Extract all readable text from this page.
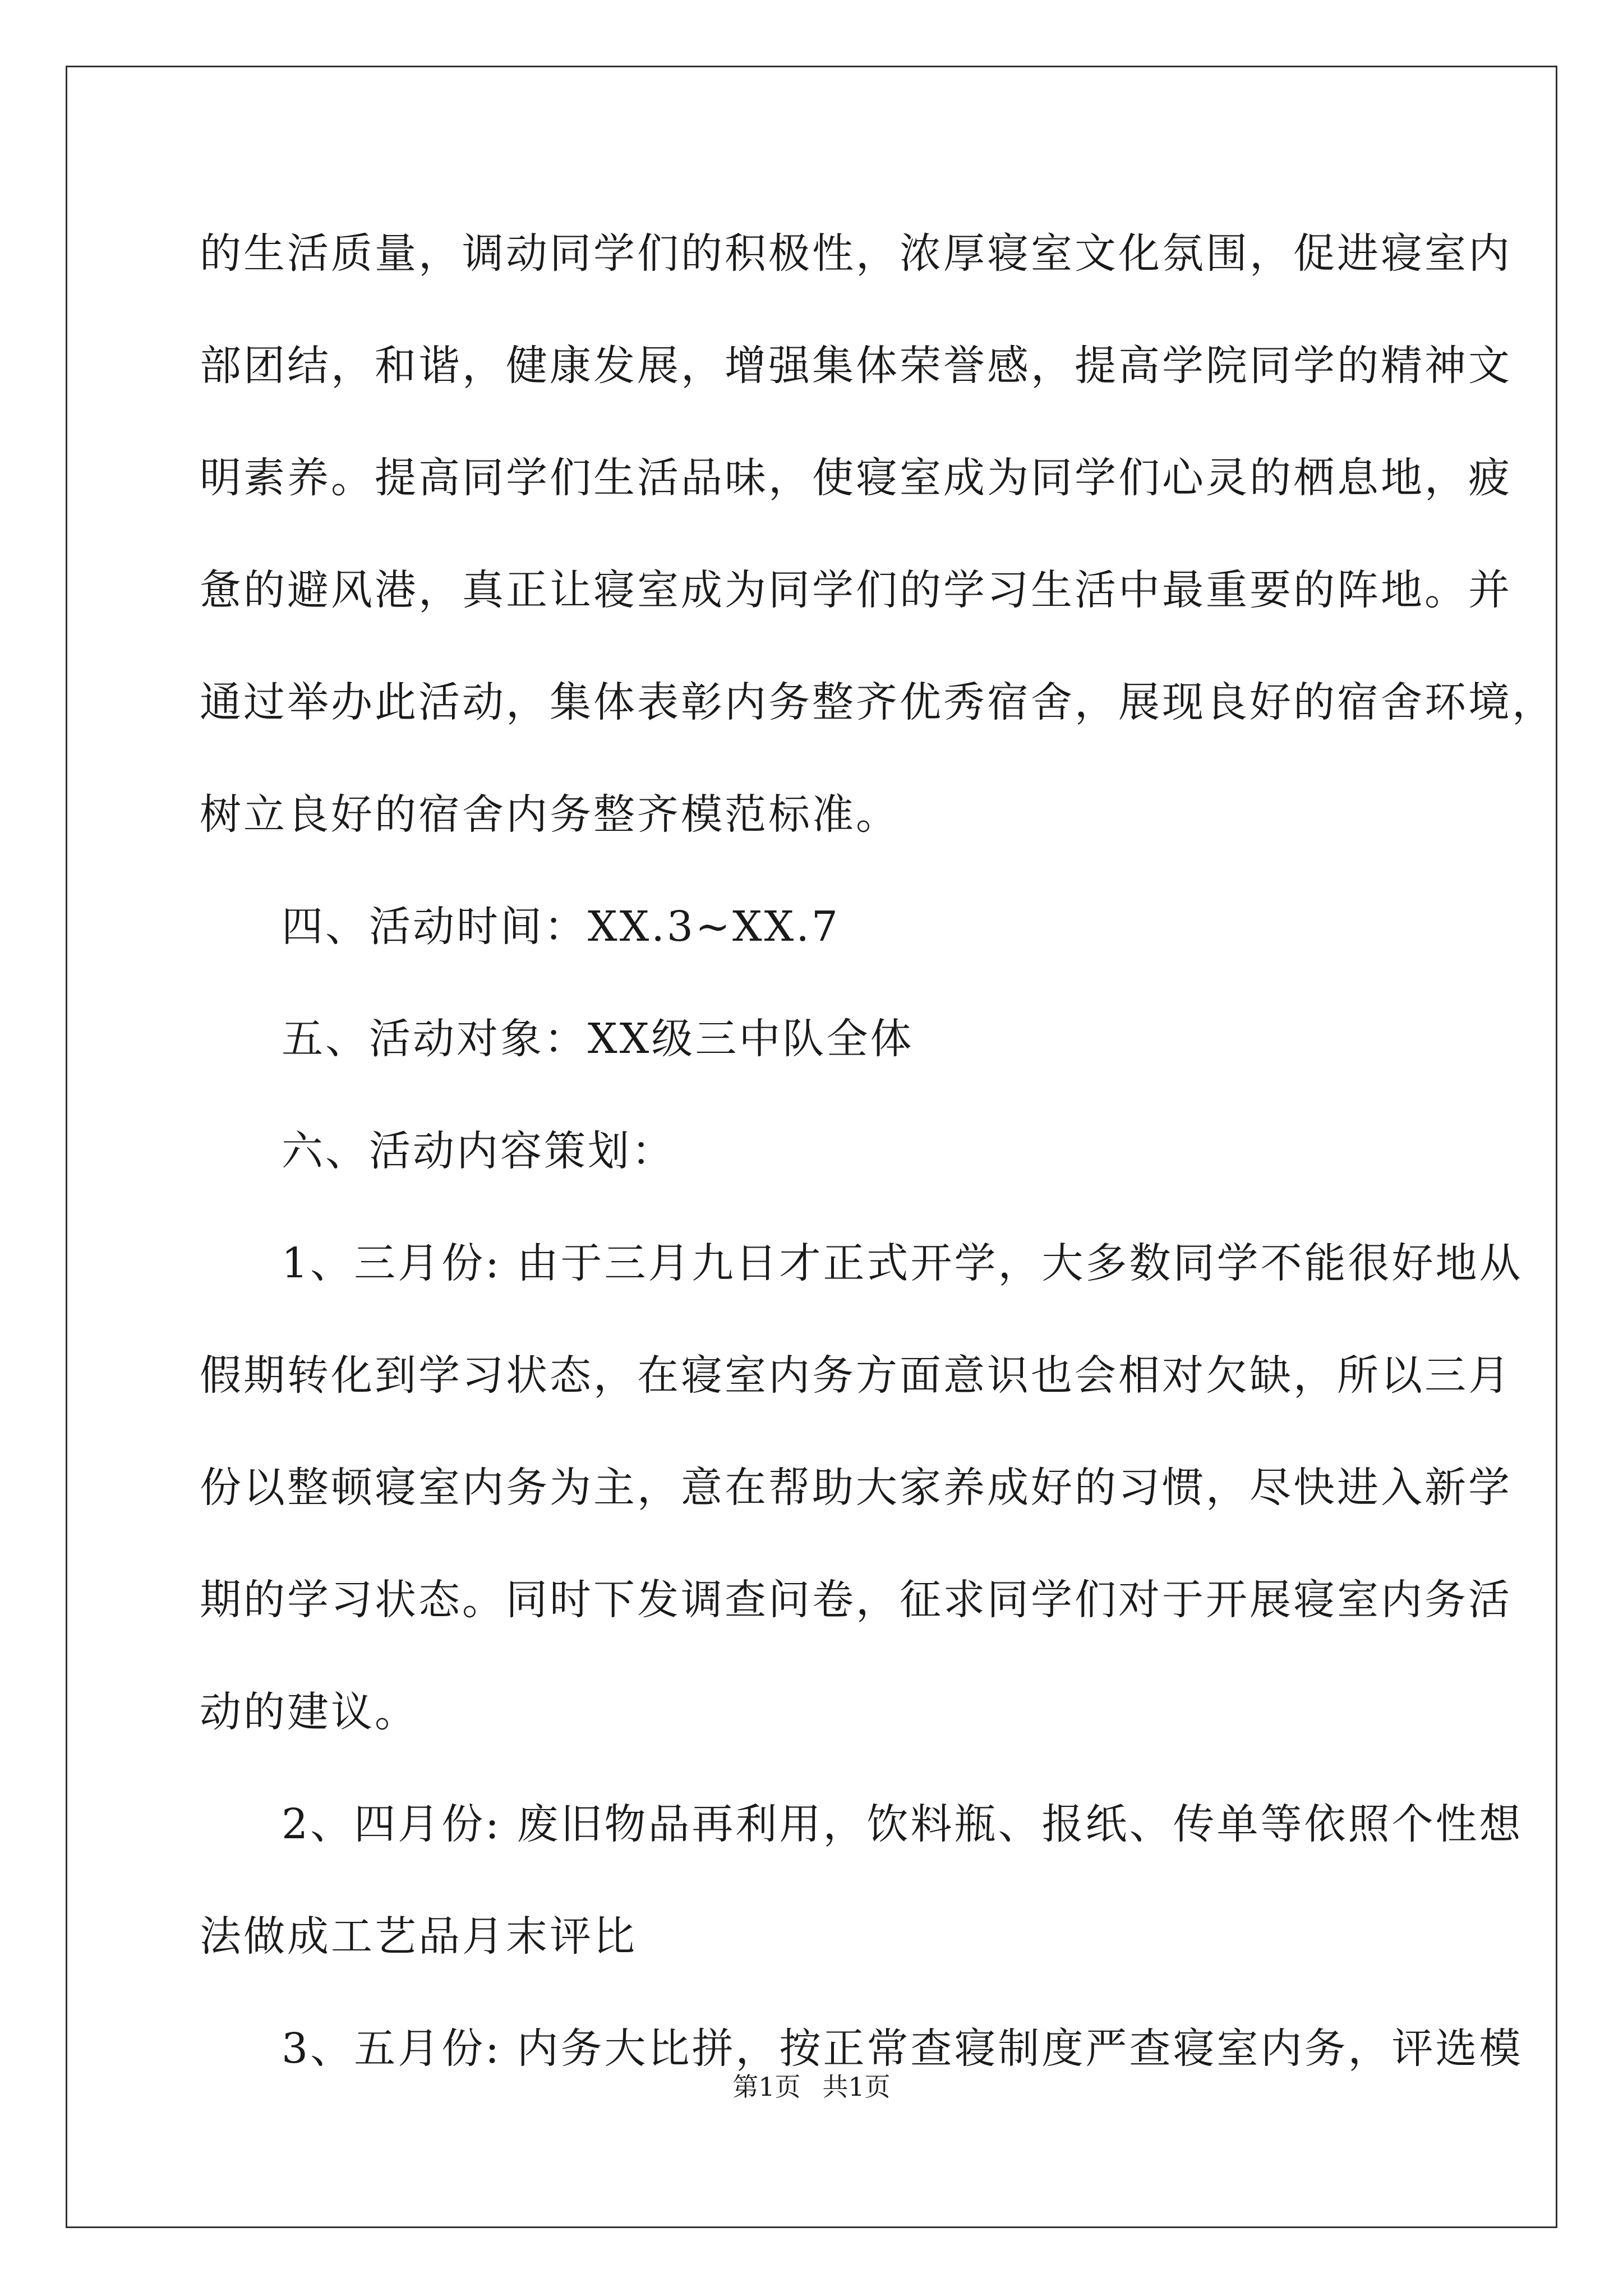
的生活质量，调动同学们的积极性，浓厚寝室文化氛围，促进寝室内
部团结，和谐，健康发展，增强集体荣誉感，提高学院同学的精神文
明素养。提高同学们生活品味，使寝室成为同学们心灵的栖息地，疲
惫的避风港，真正让寝室成为同学们的学习生活中最重要的阵地。并
通过举办此活动，集体表彰内务整齐优秀宿舍，展现良好的宿舍环境，
树立良好的宿舍内务整齐模范标准。
四、活动时间：XX.3~XX.7
五、活动对象：XX级三中队全体
六、活动内容策划：
1、三月份: 由于三月九日才正式开学，大多数同学不能很好地从
假期转化到学习状态，在寝室内务方面意识也会相对欠缺，所以三月
份以整顿寝室内务为主，意在帮助大家养成好的习惯，尽快进入新学
期的学习状态。同时下发调查问卷，征求同学们对于开展寝室内务活
动的建议。
2、四月份: 废旧物品再利用，饮料瓶、报纸、传单等依照个性想
法做成工艺品月末评比
3、五月份: 内务大比拼，按正常查寝制度严查寝室内务，评选模
第1页 共1页
